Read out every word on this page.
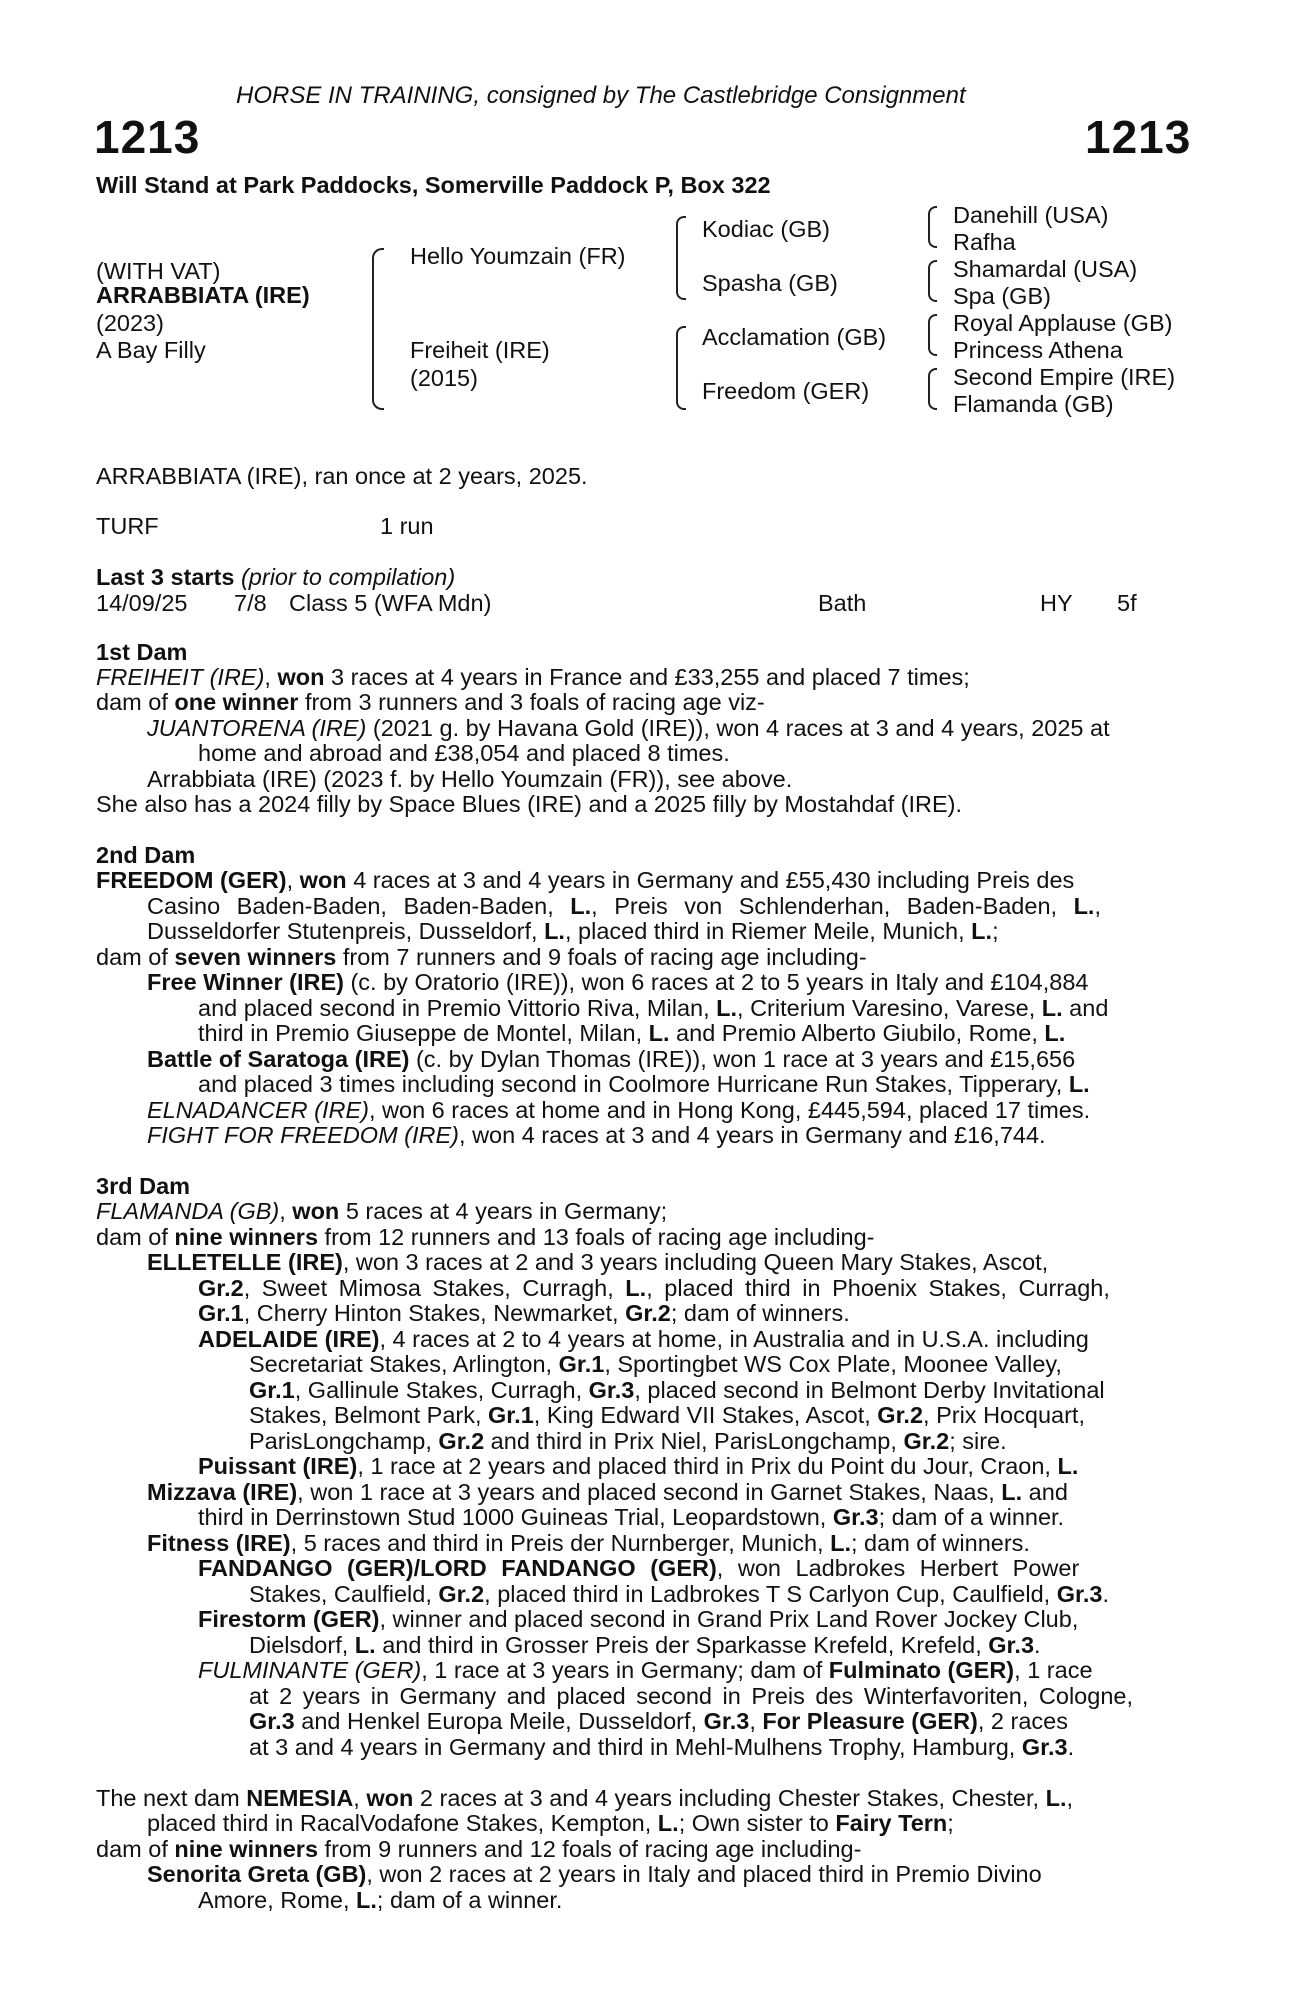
HORSE IN TRAINING, consigned by The Castlebridge Consignment
1213	1213
Will Stand at Park Paddocks, Somerville Paddock P, Box 322
(WITH VAT)
ARRABBIATA (IRE)
(2023)
A Bay Filly
Hello Youmzain (FR)
Freiheit (IRE)
(2015)
Kodiac (GB)
Spasha (GB)
Acclamation (GB)
Freedom (GER)
Danehill (USA)
Rafha
Shamardal (USA)
Spa (GB)
Royal Applause (GB)
Princess Athena
Second Empire (IRE)
Flamanda (GB)
ARRABBIATA (IRE), ran once at 2 years, 2025.
TURF	1 run
Last 3 starts (prior to compilation)
14/09/25 7/8 Class 5 (WFA Mdn)	Bath	HY 5f
1st Dam
FREIHEIT (IRE), won 3 races at 4 years in France and £33,255 and placed 7 times;
dam of one winner from 3 runners and 3 foals of racing age viz-
JUANTORENA (IRE) (2021 g. by Havana Gold (IRE)), won 4 races at 3 and 4 years, 2025 at
home and abroad and £38,054 and placed 8 times.
Arrabbiata (IRE) (2023 f. by Hello Youmzain (FR)), see above.
She also has a 2024 filly by Space Blues (IRE) and a 2025 filly by Mostahdaf (IRE).
2nd Dam
FREEDOM (GER), won 4 races at 3 and 4 years in Germany and £55,430 including Preis des
Casino Baden-Baden, Baden-Baden, L., Preis von Schlenderhan, Baden-Baden, L.,
Dusseldorfer Stutenpreis, Dusseldorf, L., placed third in Riemer Meile, Munich, L.;
dam of seven winners from 7 runners and 9 foals of racing age including-
Free Winner (IRE) (c. by Oratorio (IRE)), won 6 races at 2 to 5 years in Italy and £104,884
and placed second in Premio Vittorio Riva, Milan, L., Criterium Varesino, Varese, L. and
third in Premio Giuseppe de Montel, Milan, L. and Premio Alberto Giubilo, Rome, L.
Battle of Saratoga (IRE) (c. by Dylan Thomas (IRE)), won 1 race at 3 years and £15,656
and placed 3 times including second in Coolmore Hurricane Run Stakes, Tipperary, L.
ELNADANCER (IRE), won 6 races at home and in Hong Kong, £445,594, placed 17 times.
FIGHT FOR FREEDOM (IRE), won 4 races at 3 and 4 years in Germany and £16,744.
3rd Dam
FLAMANDA (GB), won 5 races at 4 years in Germany;
dam of nine winners from 12 runners and 13 foals of racing age including-
ELLETELLE (IRE), won 3 races at 2 and 3 years including Queen Mary Stakes, Ascot,
Gr.2, Sweet Mimosa Stakes, Curragh, L., placed third in Phoenix Stakes, Curragh,
Gr.1, Cherry Hinton Stakes, Newmarket, Gr.2; dam of winners.
ADELAIDE (IRE), 4 races at 2 to 4 years at home, in Australia and in U.S.A. including
Secretariat Stakes, Arlington, Gr.1, Sportingbet WS Cox Plate, Moonee Valley,
Gr.1, Gallinule Stakes, Curragh, Gr.3, placed second in Belmont Derby Invitational
Stakes, Belmont Park, Gr.1, King Edward VII Stakes, Ascot, Gr.2, Prix Hocquart,
ParisLongchamp, Gr.2 and third in Prix Niel, ParisLongchamp, Gr.2; sire.
Puissant (IRE), 1 race at 2 years and placed third in Prix du Point du Jour, Craon, L.
Mizzava (IRE), won 1 race at 3 years and placed second in Garnet Stakes, Naas, L. and
third in Derrinstown Stud 1000 Guineas Trial, Leopardstown, Gr.3; dam of a winner.
Fitness (IRE), 5 races and third in Preis der Nurnberger, Munich, L.; dam of winners.
FANDANGO (GER)/LORD FANDANGO (GER), won Ladbrokes Herbert Power
Stakes, Caulfield, Gr.2, placed third in Ladbrokes T S Carlyon Cup, Caulfield, Gr.3.
Firestorm (GER), winner and placed second in Grand Prix Land Rover Jockey Club,
Dielsdorf, L. and third in Grosser Preis der Sparkasse Krefeld, Krefeld, Gr.3.
FULMINANTE (GER), 1 race at 3 years in Germany; dam of Fulminato (GER), 1 race
at 2 years in Germany and placed second in Preis des Winterfavoriten, Cologne,
Gr.3 and Henkel Europa Meile, Dusseldorf, Gr.3, For Pleasure (GER), 2 races
at 3 and 4 years in Germany and third in Mehl-Mulhens Trophy, Hamburg, Gr.3.
The next dam NEMESIA, won 2 races at 3 and 4 years including Chester Stakes, Chester, L.,
placed third in RacalVodafone Stakes, Kempton, L.; Own sister to Fairy Tern;
dam of nine winners from 9 runners and 12 foals of racing age including-
Senorita Greta (GB), won 2 races at 2 years in Italy and placed third in Premio Divino
Amore, Rome, L.; dam of a winner.
